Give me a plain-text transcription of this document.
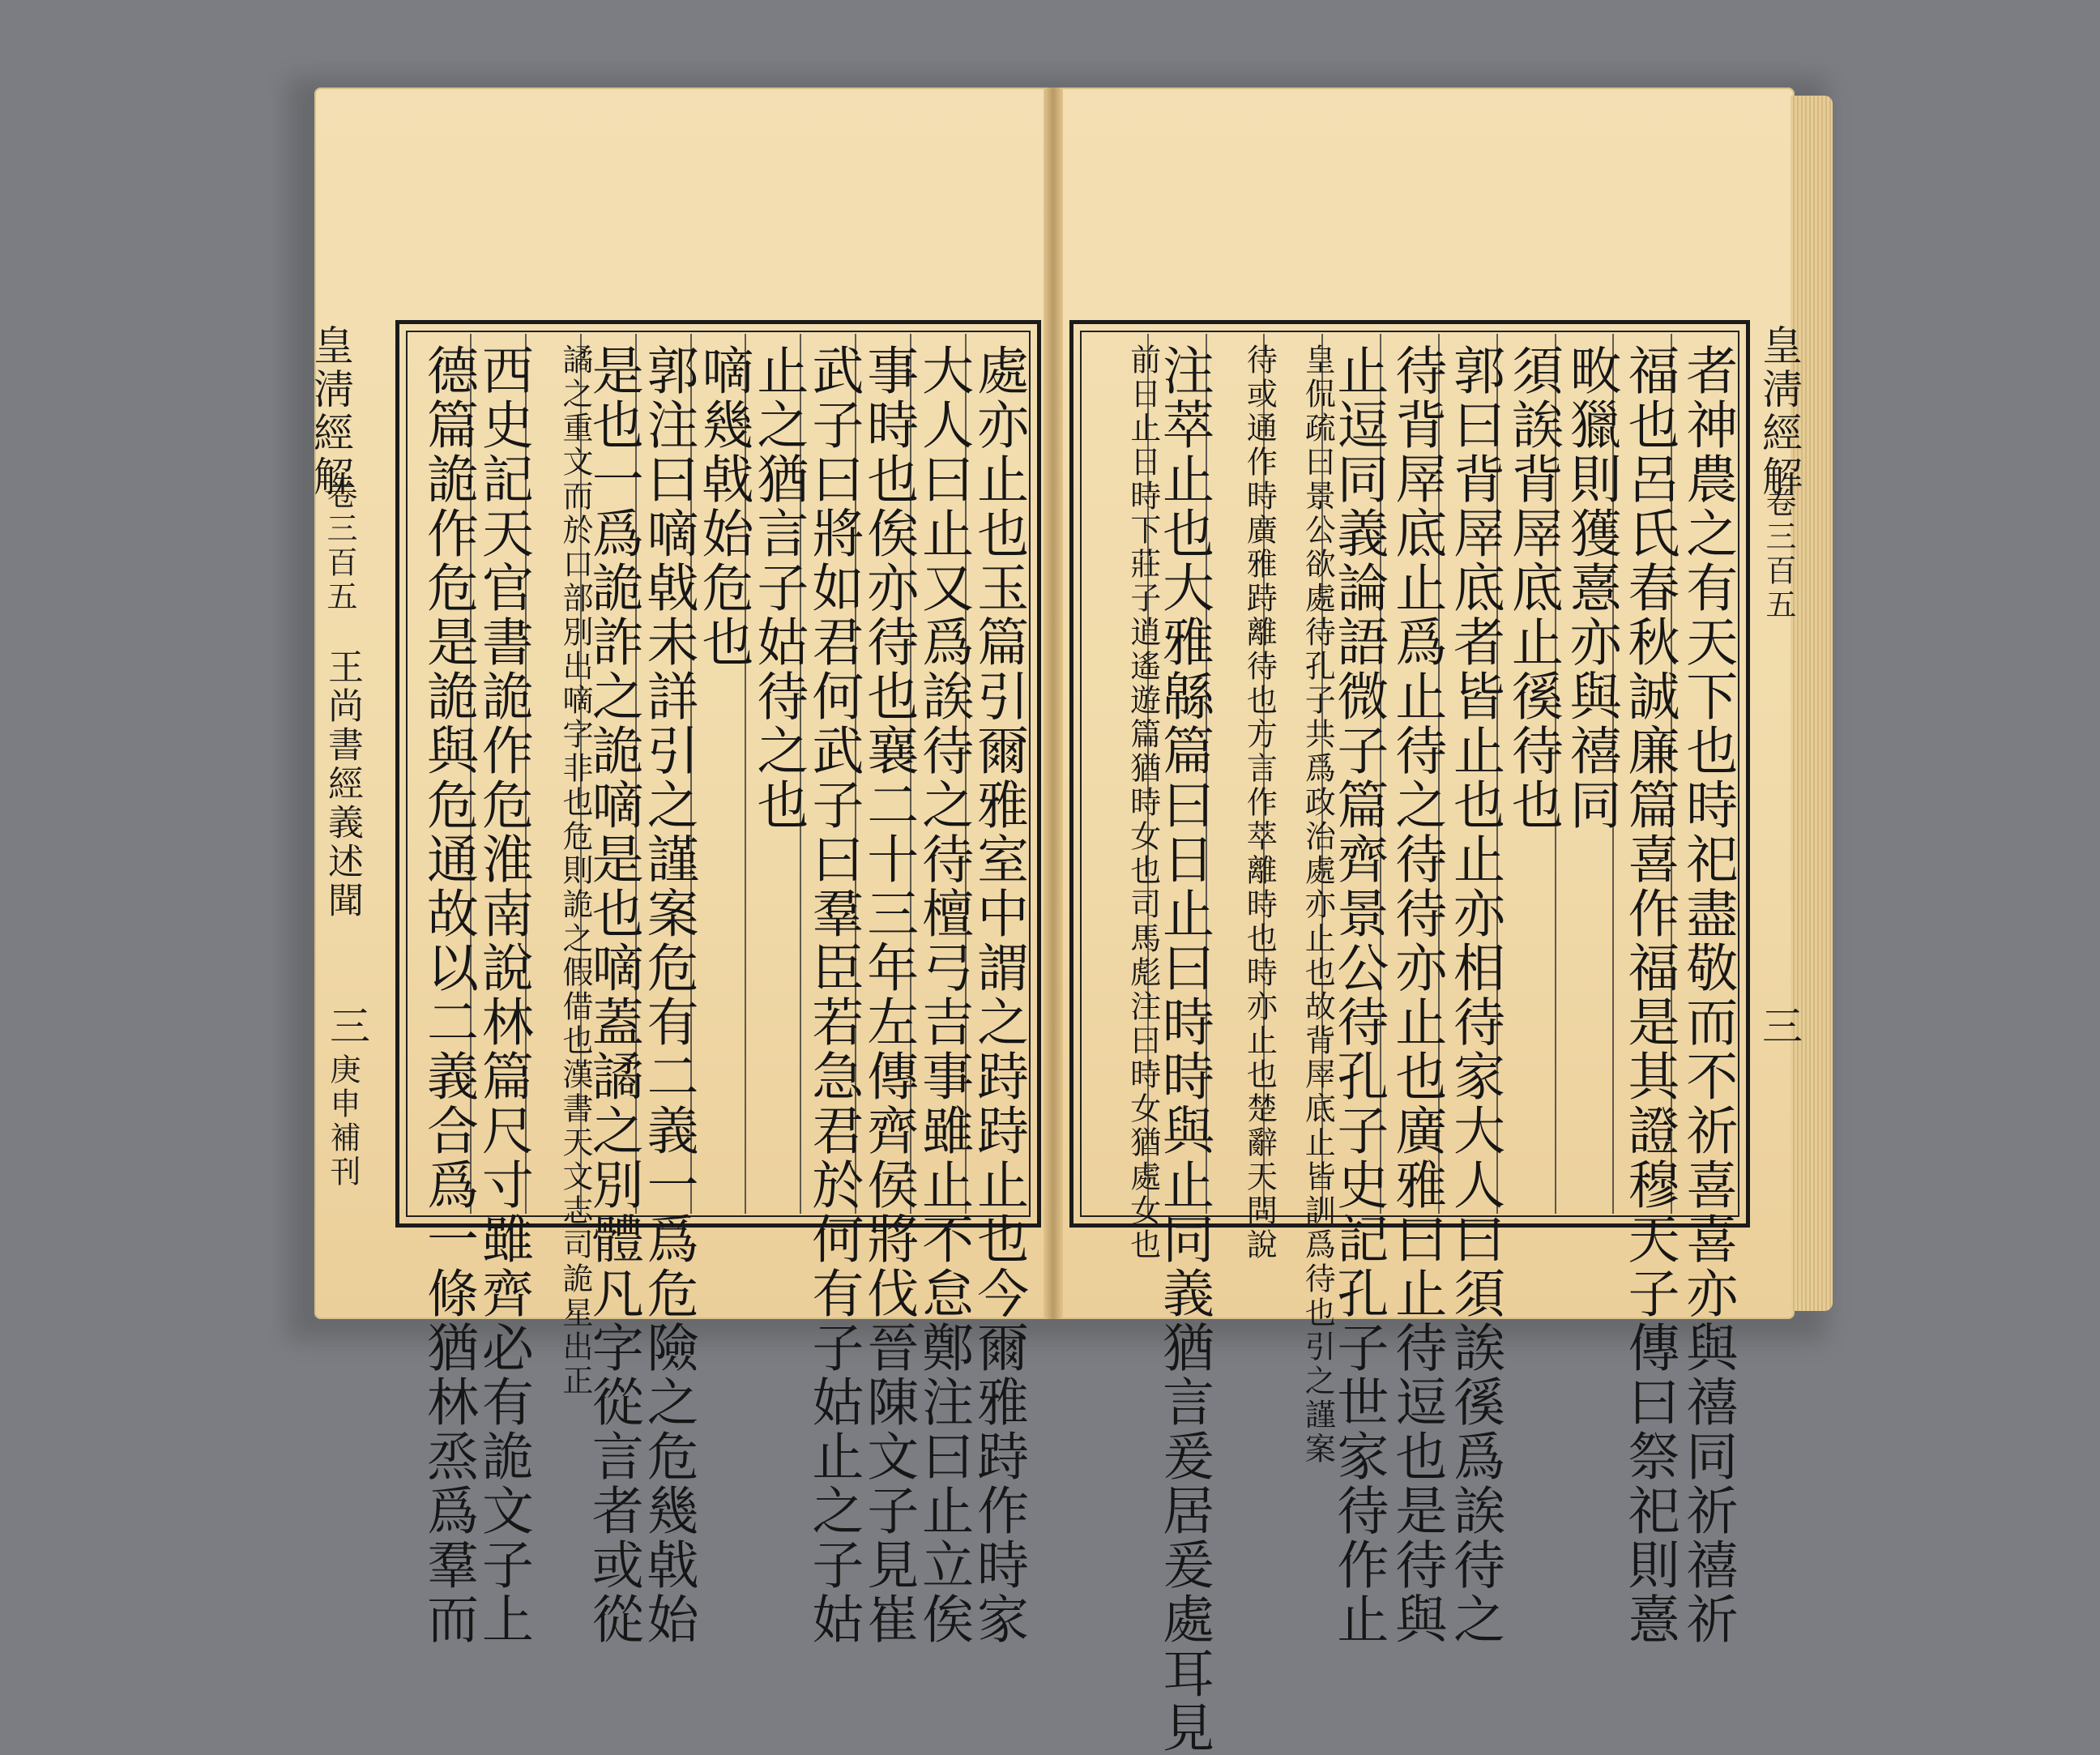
處亦止也玉篇引爾雅室中謂之跱跱止也今爾雅跱作時家
大人曰止又爲誒待之待檀弓吉事雖止不怠鄭注曰止立俟
事時也俟亦待也襄二十三年左傳齊侯將伐晉陳文子見崔
武子曰將如君何武子曰羣臣若急君於何有子姑止之子姑
止之猶言子姑待之也
嘀幾㦸始危也
郭注曰嘀㦸未詳引之謹案危有二義一爲危險之危幾㦸始
是也一爲詭詐之詭嘀是也嘀蓋譎之別體凡字從言者或從
譎之重文而於口部別出嘀字非也危則詭之假借也漢書天文志司詭星出正
西史記天官書詭作危淮南說林篇尺寸雖齊必有詭文子上
德篇詭作危是詭與危通故以二義合爲一條猶林烝爲羣而
皇淸經解
卷三百五
王尚書經義述聞
三
庚申補刊	者神農之有天下也時祀盡敬而不祈喜喜亦與禧同祈禧祈
福也呂氏春秋誠廉篇喜作福是其證穆天子傳曰祭祀則憙
畋獵則獲憙亦與禧同
須誒背屖底止徯待也
郭曰背屖底者皆止也止亦相待家大人曰須誒徯爲誒待之
待背屖底止爲止待之待待亦止也廣雅曰止待逗也是待與
止逗同義論語微子篇齊景公待孔子史記孔子世家待作止
皇侃疏曰景公欲處待孔子共爲政治處亦止也故背屖底止皆訓爲待也引之謹案
待或通作時廣雅跱離待也方言作萃離時也時亦止也楚辭天問說
注萃止也大雅緜篇曰日止曰時時與止同義猶言爰居爰處耳見
前日止日時下莊子逍遙遊篇猶時女也司馬彪注曰時女猶處女也	皇淸經解
卷三百五
三
